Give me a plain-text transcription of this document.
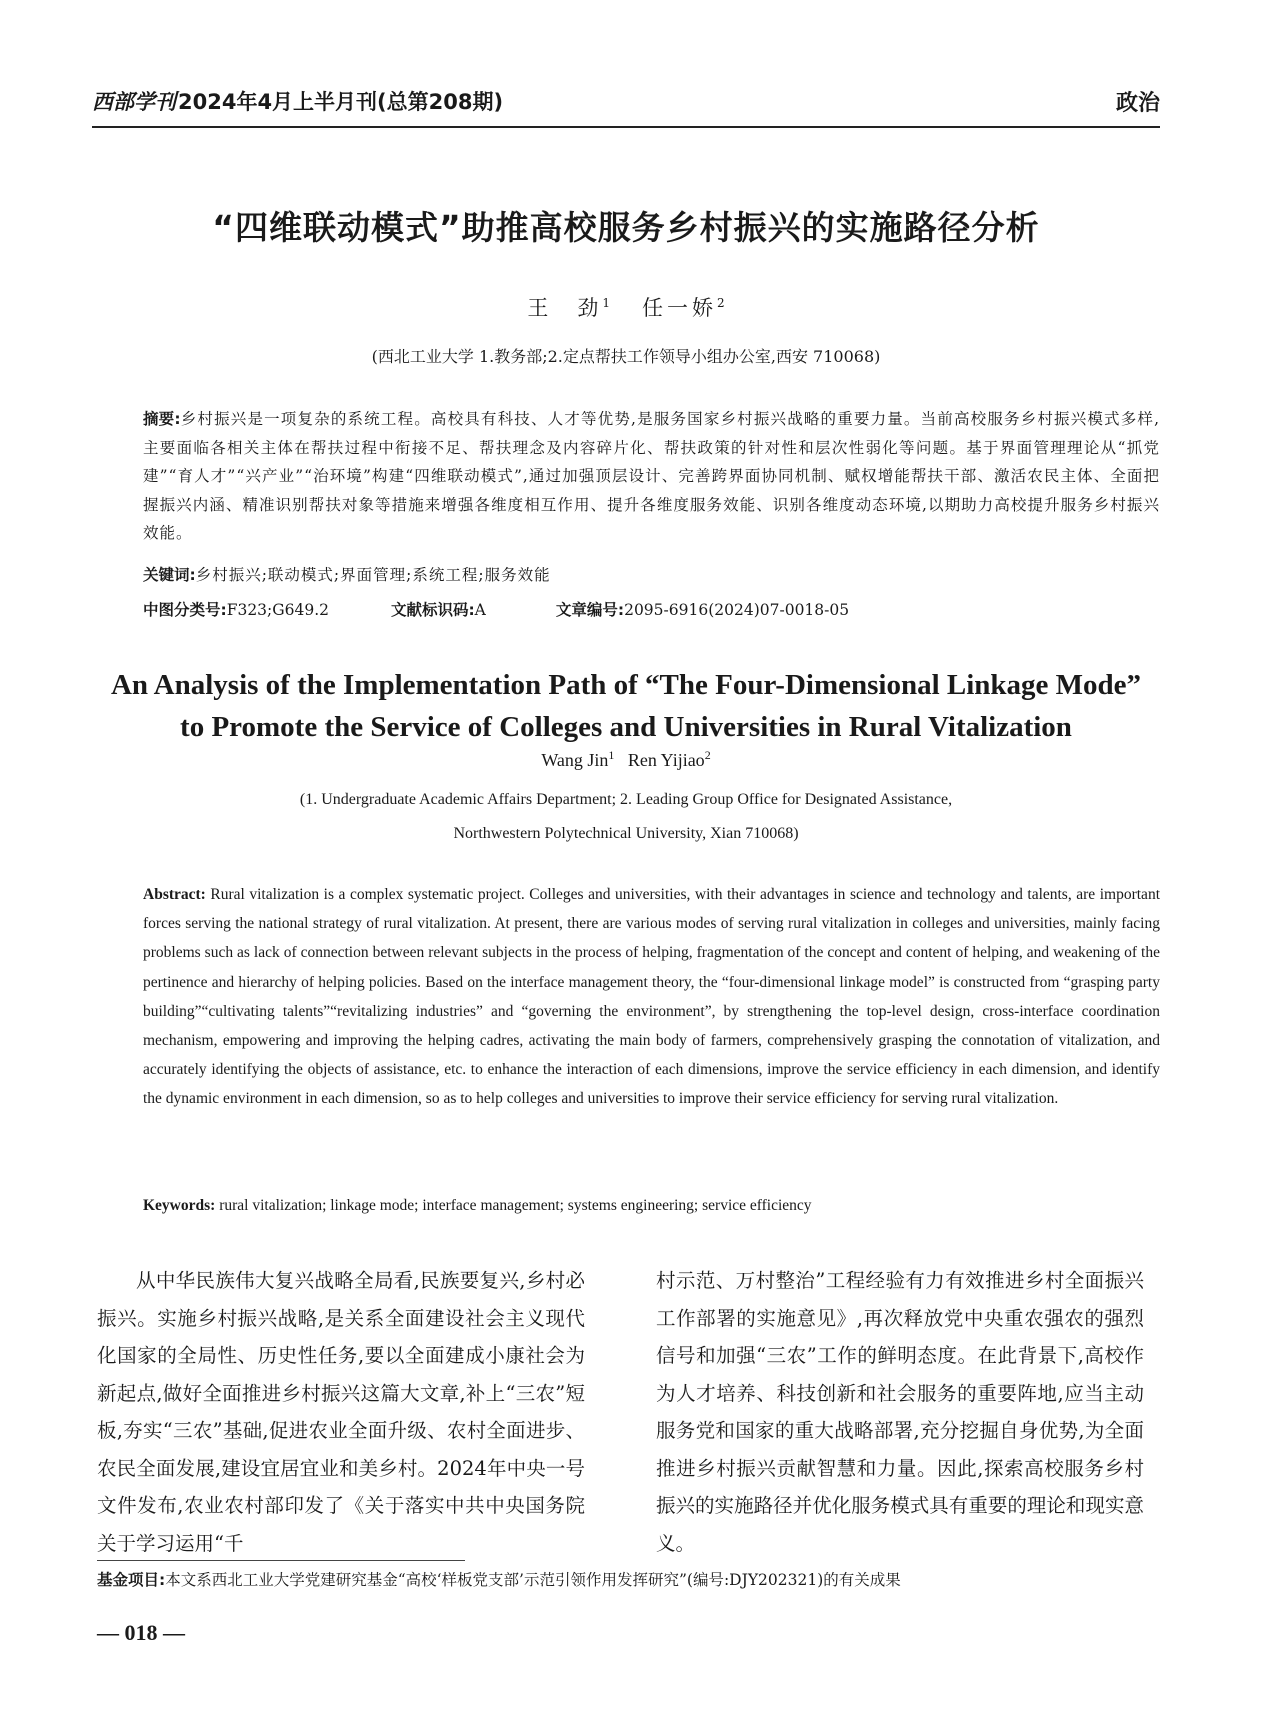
西部学刊2024年4月上半月刊(总第208期)	政治
“四维联动模式”助推高校服务乡村振兴的实施路径分析
王　劲$^1$ 任一娇$^2$
(西北工业大学 1.教务部;2.定点帮扶工作领导小组办公室,西安 710068)
摘要:乡村振兴是一项复杂的系统工程。高校具有科技、人才等优势,是服务国家乡村振兴战略的重要力量。当前高校服务乡村振兴模式多样,主要面临各相关主体在帮扶过程中衔接不足、帮扶理念及内容碎片化、帮扶政策的针对性和层次性弱化等问题。基于界面管理理论从“抓党建”“育人才”“兴产业”“治环境”构建“四维联动模式”,通过加强顶层设计、完善跨界面协同机制、赋权增能帮扶干部、激活农民主体、全面把握振兴内涵、精准识别帮扶对象等措施来增强各维度相互作用、提升各维度服务效能、识别各维度动态环境,以期助力高校提升服务乡村振兴效能。
关键词:乡村振兴;联动模式;界面管理;系统工程;服务效能
中图分类号:F323;G649.2	文献标识码:A	文章编号:2095-6916(2024)07-0018-05
An Analysis of the Implementation Path of “The Four-Dimensional Linkage Mode”
to Promote the Service of Colleges and Universities in Rural Vitalization
Wang Jin$^1$ Ren Yijiao$^2$
(1. Undergraduate Academic Affairs Department; 2. Leading Group Office for Designated Assistance,
Northwestern Polytechnical University, Xian 710068)
Abstract: Rural vitalization is a complex systematic project. Colleges and universities, with their advantages in science and technology and talents, are important forces serving the national strategy of rural vitalization. At present, there are various modes of serving rural vitalization in colleges and universities, mainly facing problems such as lack of connection between relevant subjects in the process of helping, fragmentation of the concept and content of helping, and weakening of the pertinence and hierarchy of helping policies. Based on the interface management theory, the “four-dimensional linkage model” is constructed from “grasping party building”“cultivating talents”“revitalizing industries” and “governing the environment”, by strengthening the top-level design, cross-interface coordination mechanism, empowering and improving the helping cadres, activating the main body of farmers, comprehensively grasping the connotation of vitalization, and accurately identifying the objects of assistance, etc. to enhance the interaction of each dimensions, improve the service efficiency in each dimension, and identify the dynamic environment in each dimension, so as to help colleges and universities to improve their service efficiency for serving rural vitalization.
Keywords: rural vitalization; linkage mode; interface management; systems engineering; service efficiency
从中华民族伟大复兴战略全局看,民族要复兴,乡村必振兴。实施乡村振兴战略,是关系全面建设社会主义现代化国家的全局性、历史性任务,要以全面建成小康社会为新起点,做好全面推进乡村振兴这篇大文章,补上“三农”短板,夯实“三农”基础,促进农业全面升级、农村全面进步、农民全面发展,建设宜居宜业和美乡村。2024年中央一号文件发布,农业农村部印发了《关于落实中共中央国务院关于学习运用“千
村示范、万村整治”工程经验有力有效推进乡村全面振兴工作部署的实施意见》,再次释放党中央重农强农的强烈信号和加强“三农”工作的鲜明态度。在此背景下,高校作为人才培养、科技创新和社会服务的重要阵地,应当主动服务党和国家的重大战略部署,充分挖掘自身优势,为全面推进乡村振兴贡献智慧和力量。因此,探索高校服务乡村振兴的实施路径并优化服务模式具有重要的理论和现实意义。
基金项目:本文系西北工业大学党建研究基金“高校‘样板党支部’示范引领作用发挥研究”(编号:DJY202321)的有关成果
— 018 —
